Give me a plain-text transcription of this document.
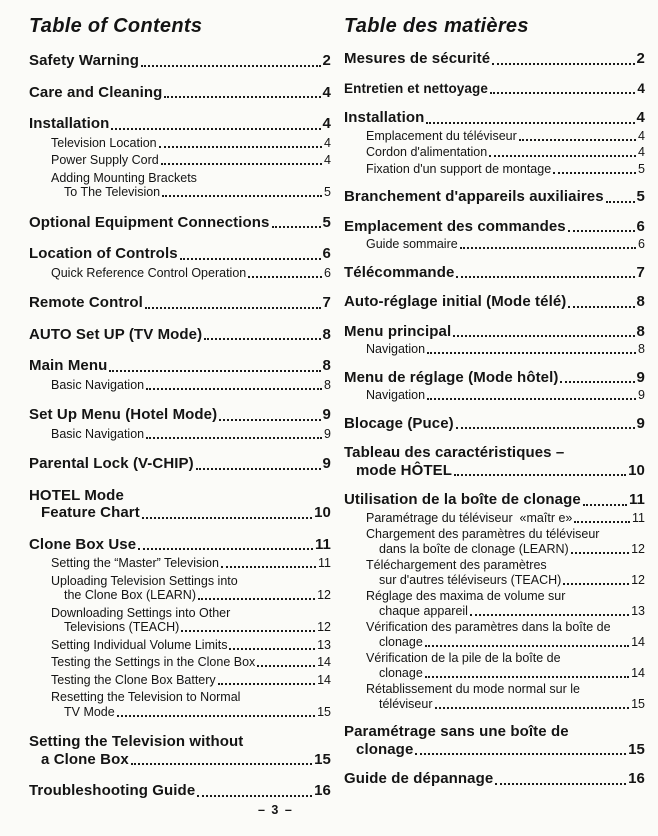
Table of Contents
Safety Warning	2
Care and Cleaning	4
Installation	4
Television Location	4
Power Supply Cord	4
Adding Mounting Brackets
To The Television	5
Optional Equipment Connections	5
Location of Controls	6
Quick Reference Control Operation	6
Remote Control	7
AUTO Set UP (TV Mode)	8
Main Menu	8
Basic Navigation	8
Set Up Menu (Hotel Mode)	9
Basic Navigation	9
Parental Lock (V-CHIP)	9
HOTEL Mode
Feature Chart	10
Clone Box Use	11
Setting the “Master” Television	11
Uploading Television Settings into
the Clone Box (LEARN)	12
Downloading Settings into Other
Televisions (TEACH)	12
Setting Individual Volume Limits	13
Testing the Settings in the Clone Box	14
Testing the Clone Box Battery	14
Resetting the Television to Normal
TV Mode	15
Setting the Television without
a Clone Box	15
Troubleshooting Guide	16
Table des matières
Mesures de sécurité	2
Entretien et nettoyage	4
Installation	4
Emplacement du téléviseur	4
Cordon d'alimentation	4
Fixation d'un support de montage	5
Branchement d'appareils auxiliaires 5
Emplacement des commandes	6
Guide sommaire	6
Télécommande	7
Auto-réglage initial (Mode télé)	8
Menu principal	8
Navigation	8
Menu de réglage (Mode hôtel)	9
Navigation	9
Blocage (Puce)	9
Tableau des caractéristiques –
mode HÔTEL	10
Utilisation de la boîte de clonage	11
Paramétrage du téléviseur  «maîtr e»	11
Chargement des paramètres du téléviseur
dans la boîte de clonage (LEARN)	12
Téléchargement des paramètres
sur d'autres téléviseurs (TEACH)	12
Réglage des maxima de volume sur
chaque appareil	13
Vérification des paramètres dans la boîte de
clonage	14
Vérification de la pile de la boîte de
clonage	14
Rétablissement du mode normal sur le
téléviseur	15
Paramétrage sans une boîte de
clonage	15
Guide de dépannage	16
– 3 –
